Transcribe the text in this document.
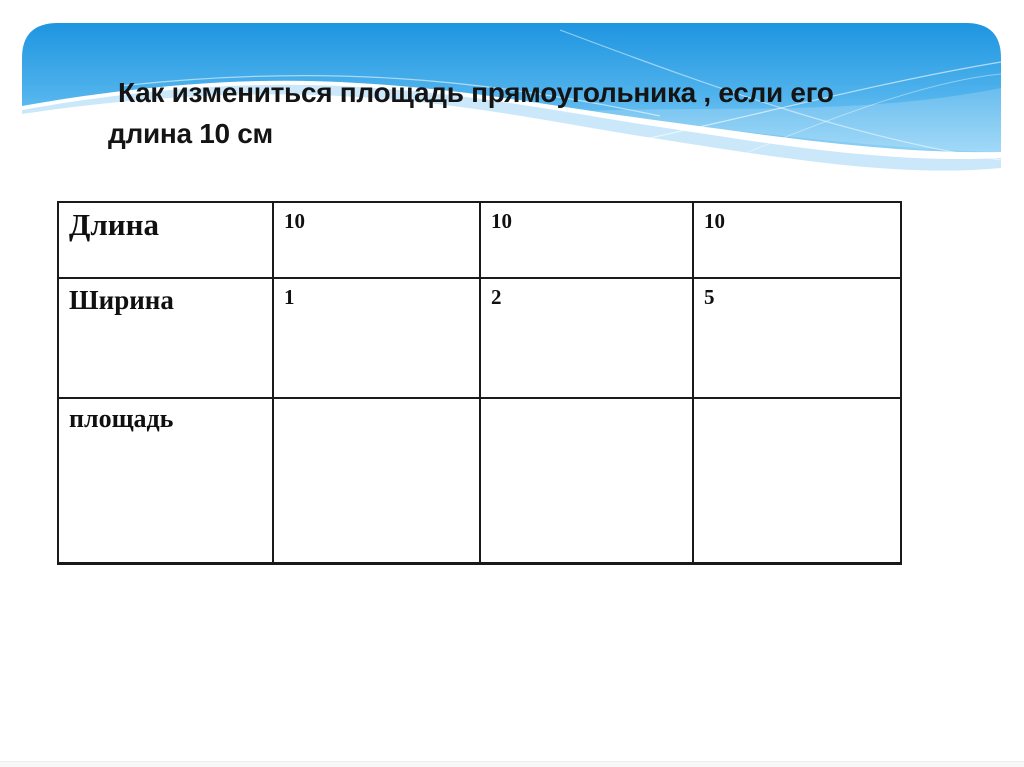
Как измениться площадь прямоугольника , если его
длина 10 см
Длина	10	10	10
Ширина	1	2	5
площадь			
